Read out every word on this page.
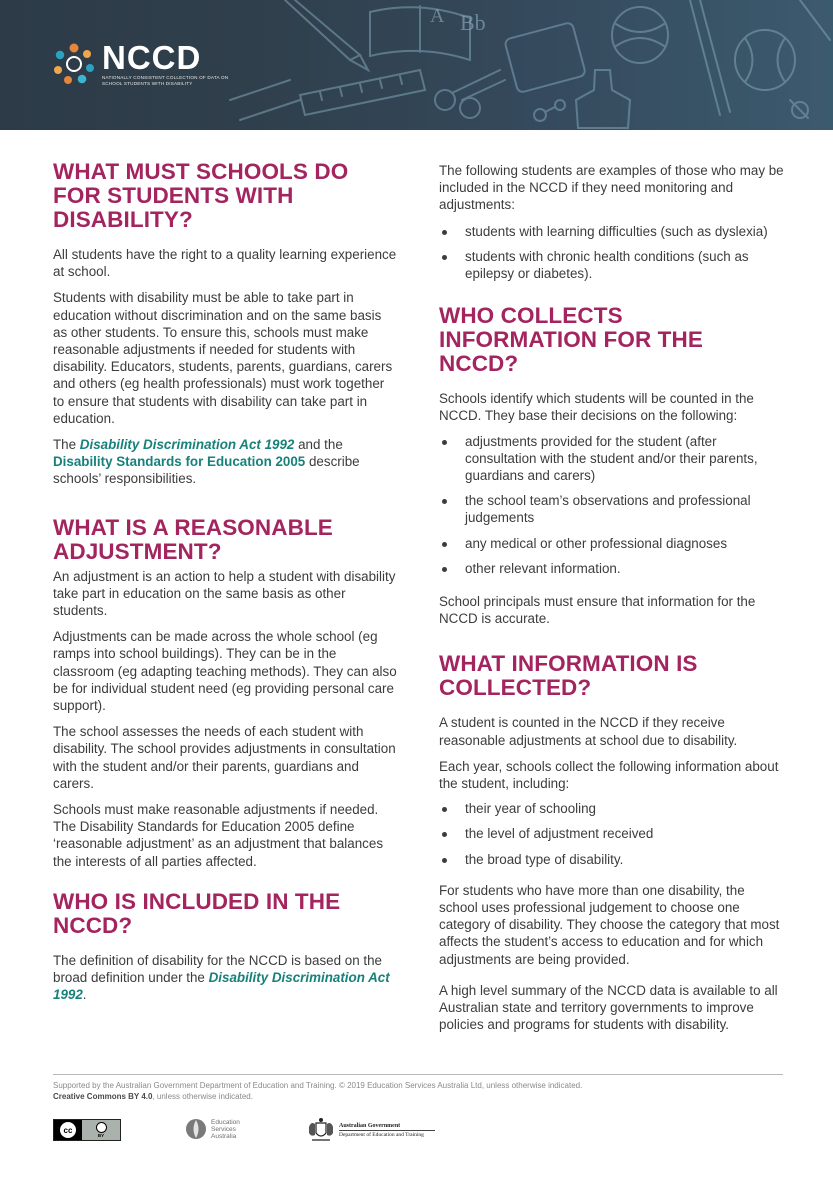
A Bb
NCCD
NATIONALLY CONSISTENT COLLECTION OF DATA ON SCHOOL STUDENTS WITH DISABILITY
WHAT MUST SCHOOLS DO FOR STUDENTS WITH DISABILITY?

All students have the right to a quality learning experience at school.

Students with disability must be able to take part in education without discrimination and on the same basis as other students. To ensure this, schools must make reasonable adjustments if needed for students with disability. Educators, students, parents, guardians, carers and others (eg health professionals) must work together to ensure that students with disability can take part in education.

The Disability Discrimination Act 1992 and the Disability Standards for Education 2005 describe schools’ responsibilities.

WHAT IS A REASONABLE ADJUSTMENT?

An adjustment is an action to help a student with disability take part in education on the same basis as other students.

Adjustments can be made across the whole school (eg ramps into school buildings). They can be in the classroom (eg adapting teaching methods). They can also be for individual student need (eg providing personal care support).

The school assesses the needs of each student with disability. The school provides adjustments in consultation with the student and/or their parents, guardians and carers.

Schools must make reasonable adjustments if needed. The Disability Standards for Education 2005 define ‘reasonable adjustment’ as an adjustment that balances the interests of all parties affected.

WHO IS INCLUDED IN THE NCCD?

The definition of disability for the NCCD is based on the broad definition under the Disability Discrimination Act 1992.

The following students are examples of those who may be included in the NCCD if they need monitoring and adjustments:

students with learning difficulties (such as dyslexia)
students with chronic health conditions (such as epilepsy or diabetes).
WHO COLLECTS INFORMATION FOR THE NCCD?

Schools identify which students will be counted in the NCCD. They base their decisions on the following:

adjustments provided for the student (after consultation with the student and/or their parents, guardians and carers)
the school team’s observations and professional judgements
any medical or other professional diagnoses
other relevant information.

School principals must ensure that information for the NCCD is accurate.

WHAT INFORMATION IS COLLECTED?

A student is counted in the NCCD if they receive reasonable adjustments at school due to disability.

Each year, schools collect the following information about the student, including:

their year of schooling
the level of adjustment received
the broad type of disability.

For students who have more than one disability, the school uses professional judgement to choose one category of disability. They choose the category that most affects the student’s access to education and for which adjustments are being provided.

A high level summary of the NCCD data is available to all Australian state and territory governments to improve policies and programs for students with disability.

Supported by the Australian Government Department of Education and Training. © 2019 Education Services Australia Ltd, unless otherwise indicated.
Creative Commons BY 4.0, unless otherwise indicated.
cc
BY
Education Services Australia
Australian Government
Department of Education and Training
